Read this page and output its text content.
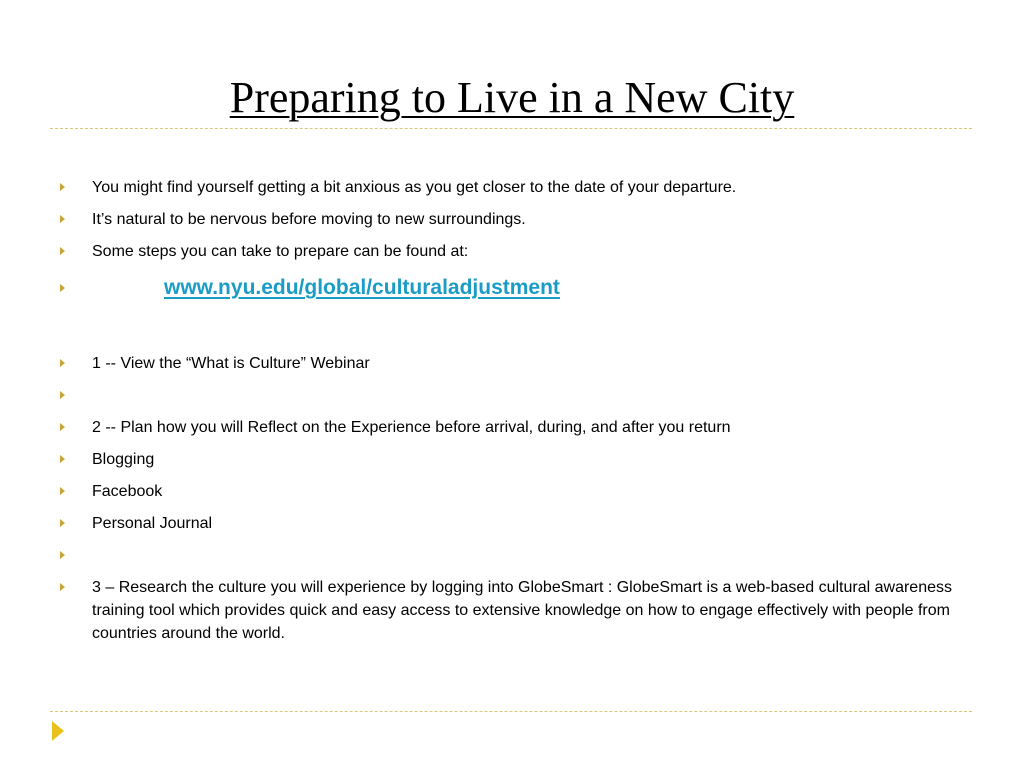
Preparing to Live in a New City
You might find yourself getting a bit anxious as you get closer to the date of your departure.
It’s natural to be nervous before moving to new surroundings.
Some steps you can take to prepare can be found at:
www.nyu.edu/global/culturaladjustment
1 -- View the “What is Culture” Webinar
2 -- Plan how you will Reflect on the Experience before arrival, during, and after you return
Blogging
Facebook
Personal Journal
3 – Research the culture you will experience by logging into GlobeSmart : GlobeSmart is a web-based cultural awareness training tool which provides quick and easy access to extensive knowledge on how to engage effectively with people from countries around the world.
